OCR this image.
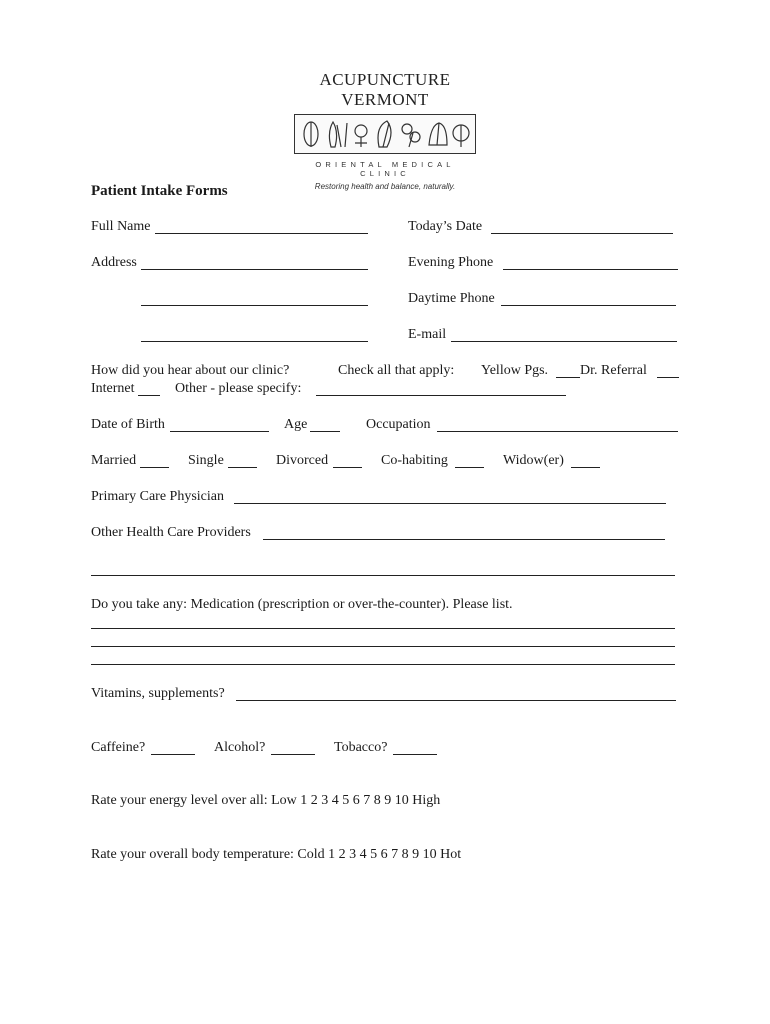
ACUPUNCTURE VERMONT
ORIENTAL MEDICAL CLINIC
Restoring health and balance, naturally.
Patient Intake Forms
Full Name	Today’s Date
Address	Evening Phone
Daytime Phone
E-mail
How did you hear about our clinic?	Check all that apply: Yellow Pgs. Dr. Referral
Internet	Other - please specify:
Date of Birth	Age	Occupation
Married	Single	Divorced	Co-habiting	Widow(er)
Primary Care Physician
Other Health Care Providers
Do you take any: Medication (prescription or over-the-counter). Please list.
Vitamins, supplements?
Caffeine?	Alcohol?	Tobacco?
Rate your energy level over all: Low 1 2 3 4 5 6 7 8 9 10 High
Rate your overall body temperature: Cold 1 2 3 4 5 6 7 8 9 10 Hot
